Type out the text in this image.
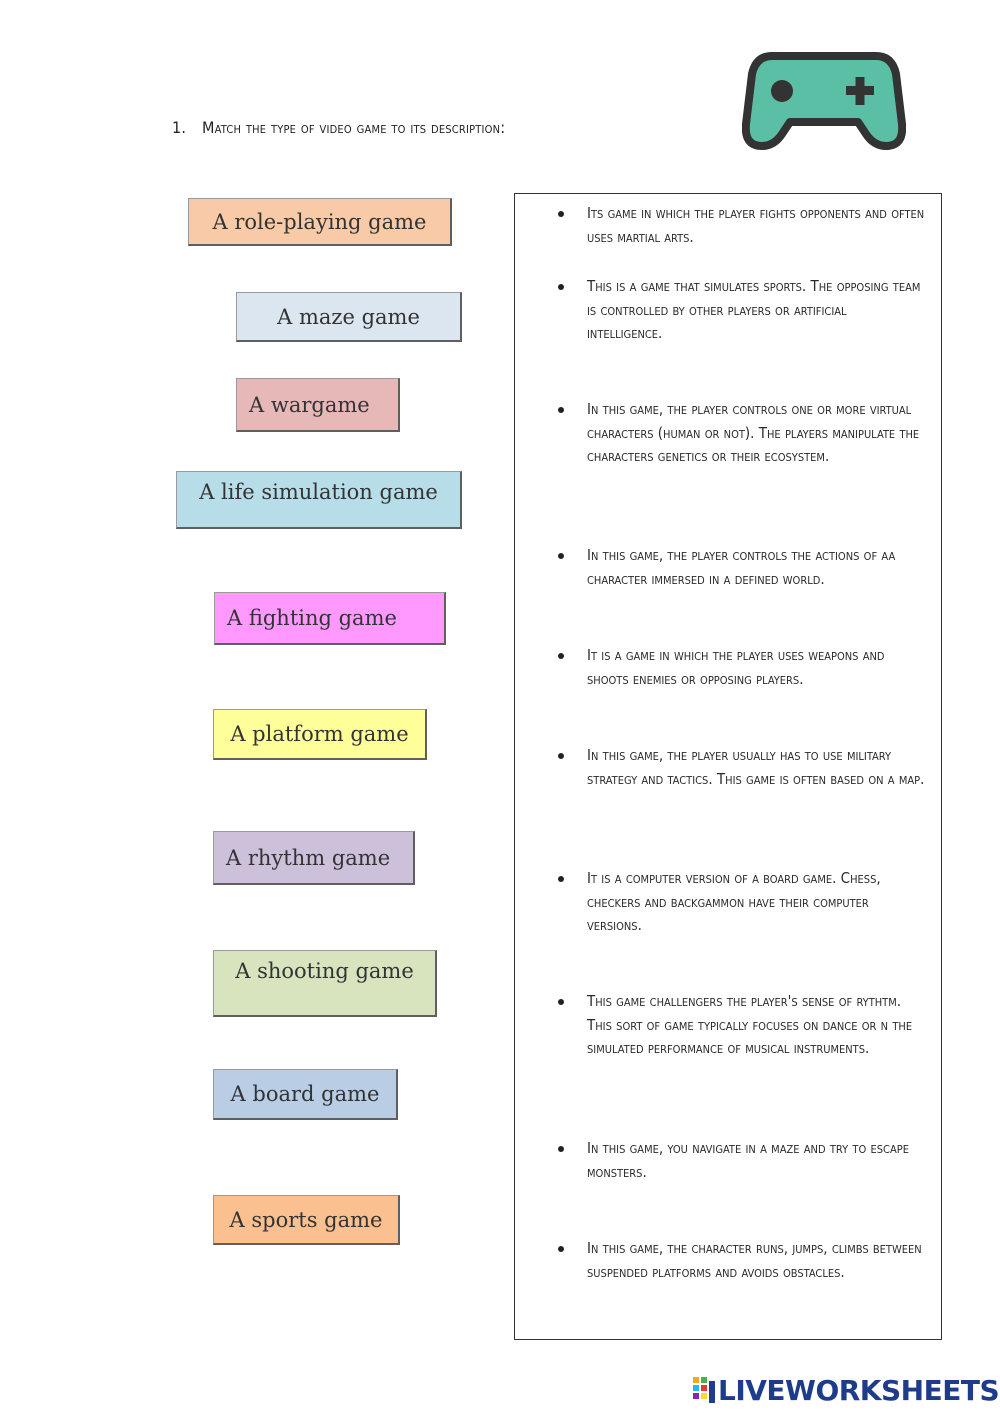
1. Match the type of video game to its description:
A role-playing game
A maze game
A wargame
A life simulation game
A fighting game
A platform game
A rhythm game
A shooting game
A board game
A sports game
Its game in which the player fights opponents and often uses martial arts.
This is a game that simulates sports. The opposing team is controlled by other players or artificial intelligence.
In this game, the player controls one or more virtual characters (human or not). The players manipulate the characters genetics or their ecosystem.
In this game, the player controls the actions of aa character immersed in a defined world.
It is a game in which the player uses weapons and shoots enemies or opposing players.
In this game, the player usually has to use military strategy and tactics. This game is often based on a map.
It is a computer version of a board game. Chess, checkers and backgammon have their computer versions.
This game challengers the player's sense of rythtm. This sort of game typically focuses on dance or n the simulated performance of musical instruments.
In this game, you navigate in a maze and try to escape monsters.
In this game, the character runs, jumps, climbs between suspended platforms and avoids obstacles.
LIVEWORKSHEETS
